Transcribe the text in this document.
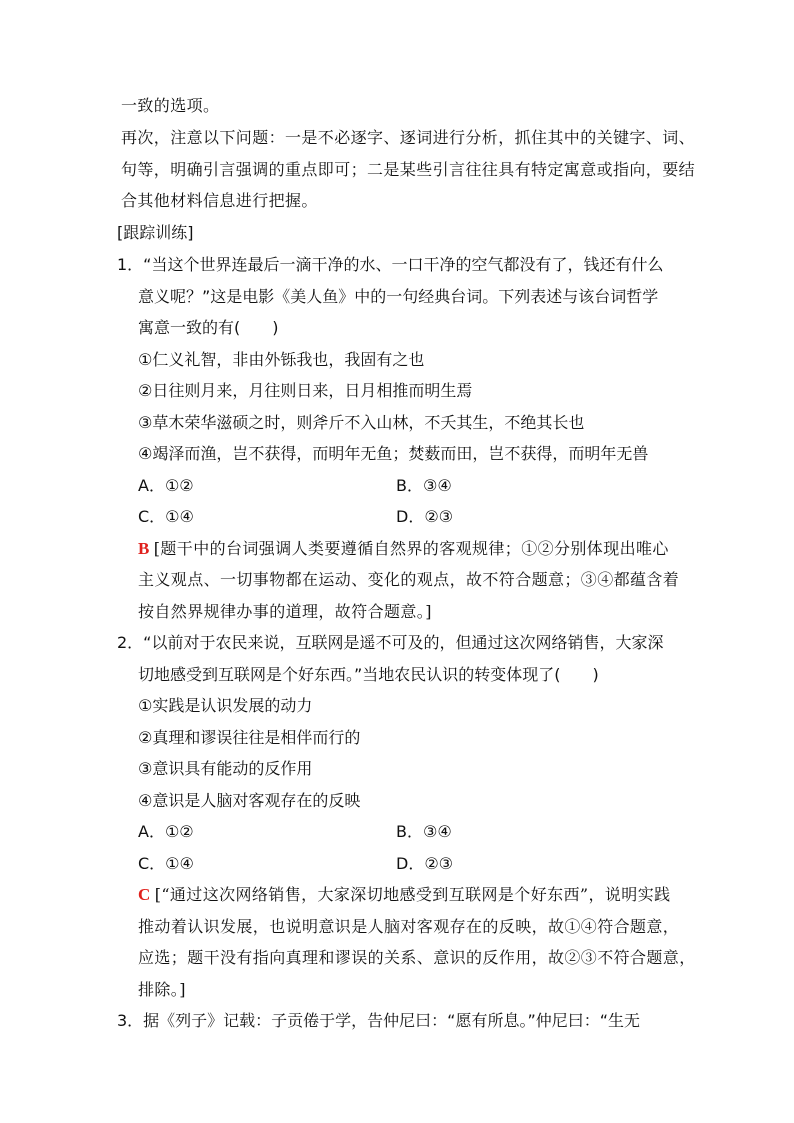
一致的选项。
再次，注意以下问题：一是不必逐字、逐词进行分析，抓住其中的关键字、词、
句等，明确引言强调的重点即可；二是某些引言往往具有特定寓意或指向，要结
合其他材料信息进行把握。
[跟踪训练]
1．“当这个世界连最后一滴干净的水、一口干净的空气都没有了，钱还有什么
意义呢？”这是电影《美人鱼》中的一句经典台词。下列表述与该台词哲学
寓意一致的有(　　)
①仁义礼智，非由外铄我也，我固有之也
②日往则月来，月往则日来，日月相推而明生焉
③草木荣华滋硕之时，则斧斤不入山林，不夭其生，不绝其长也
④竭泽而渔，岂不获得，而明年无鱼；焚薮而田，岂不获得，而明年无兽
A．①②	B．③④
C．①④	D．②③
B [题干中的台词强调人类要遵循自然界的客观规律；①②分别体现出唯心
主义观点、一切事物都在运动、变化的观点，故不符合题意；③④都蕴含着
按自然界规律办事的道理，故符合题意。]
2．“以前对于农民来说，互联网是遥不可及的，但通过这次网络销售，大家深
切地感受到互联网是个好东西。”当地农民认识的转变体现了(　　)
①实践是认识发展的动力
②真理和谬误往往是相伴而行的
③意识具有能动的反作用
④意识是人脑对客观存在的反映
A．①②	B．③④
C．①④	D．②③
C [“通过这次网络销售，大家深切地感受到互联网是个好东西”，说明实践
推动着认识发展，也说明意识是人脑对客观存在的反映，故①④符合题意，
应选；题干没有指向真理和谬误的关系、意识的反作用，故②③不符合题意，
排除。]
3．据《列子》记载：子贡倦于学，告仲尼曰：“愿有所息。”仲尼曰：“生无
